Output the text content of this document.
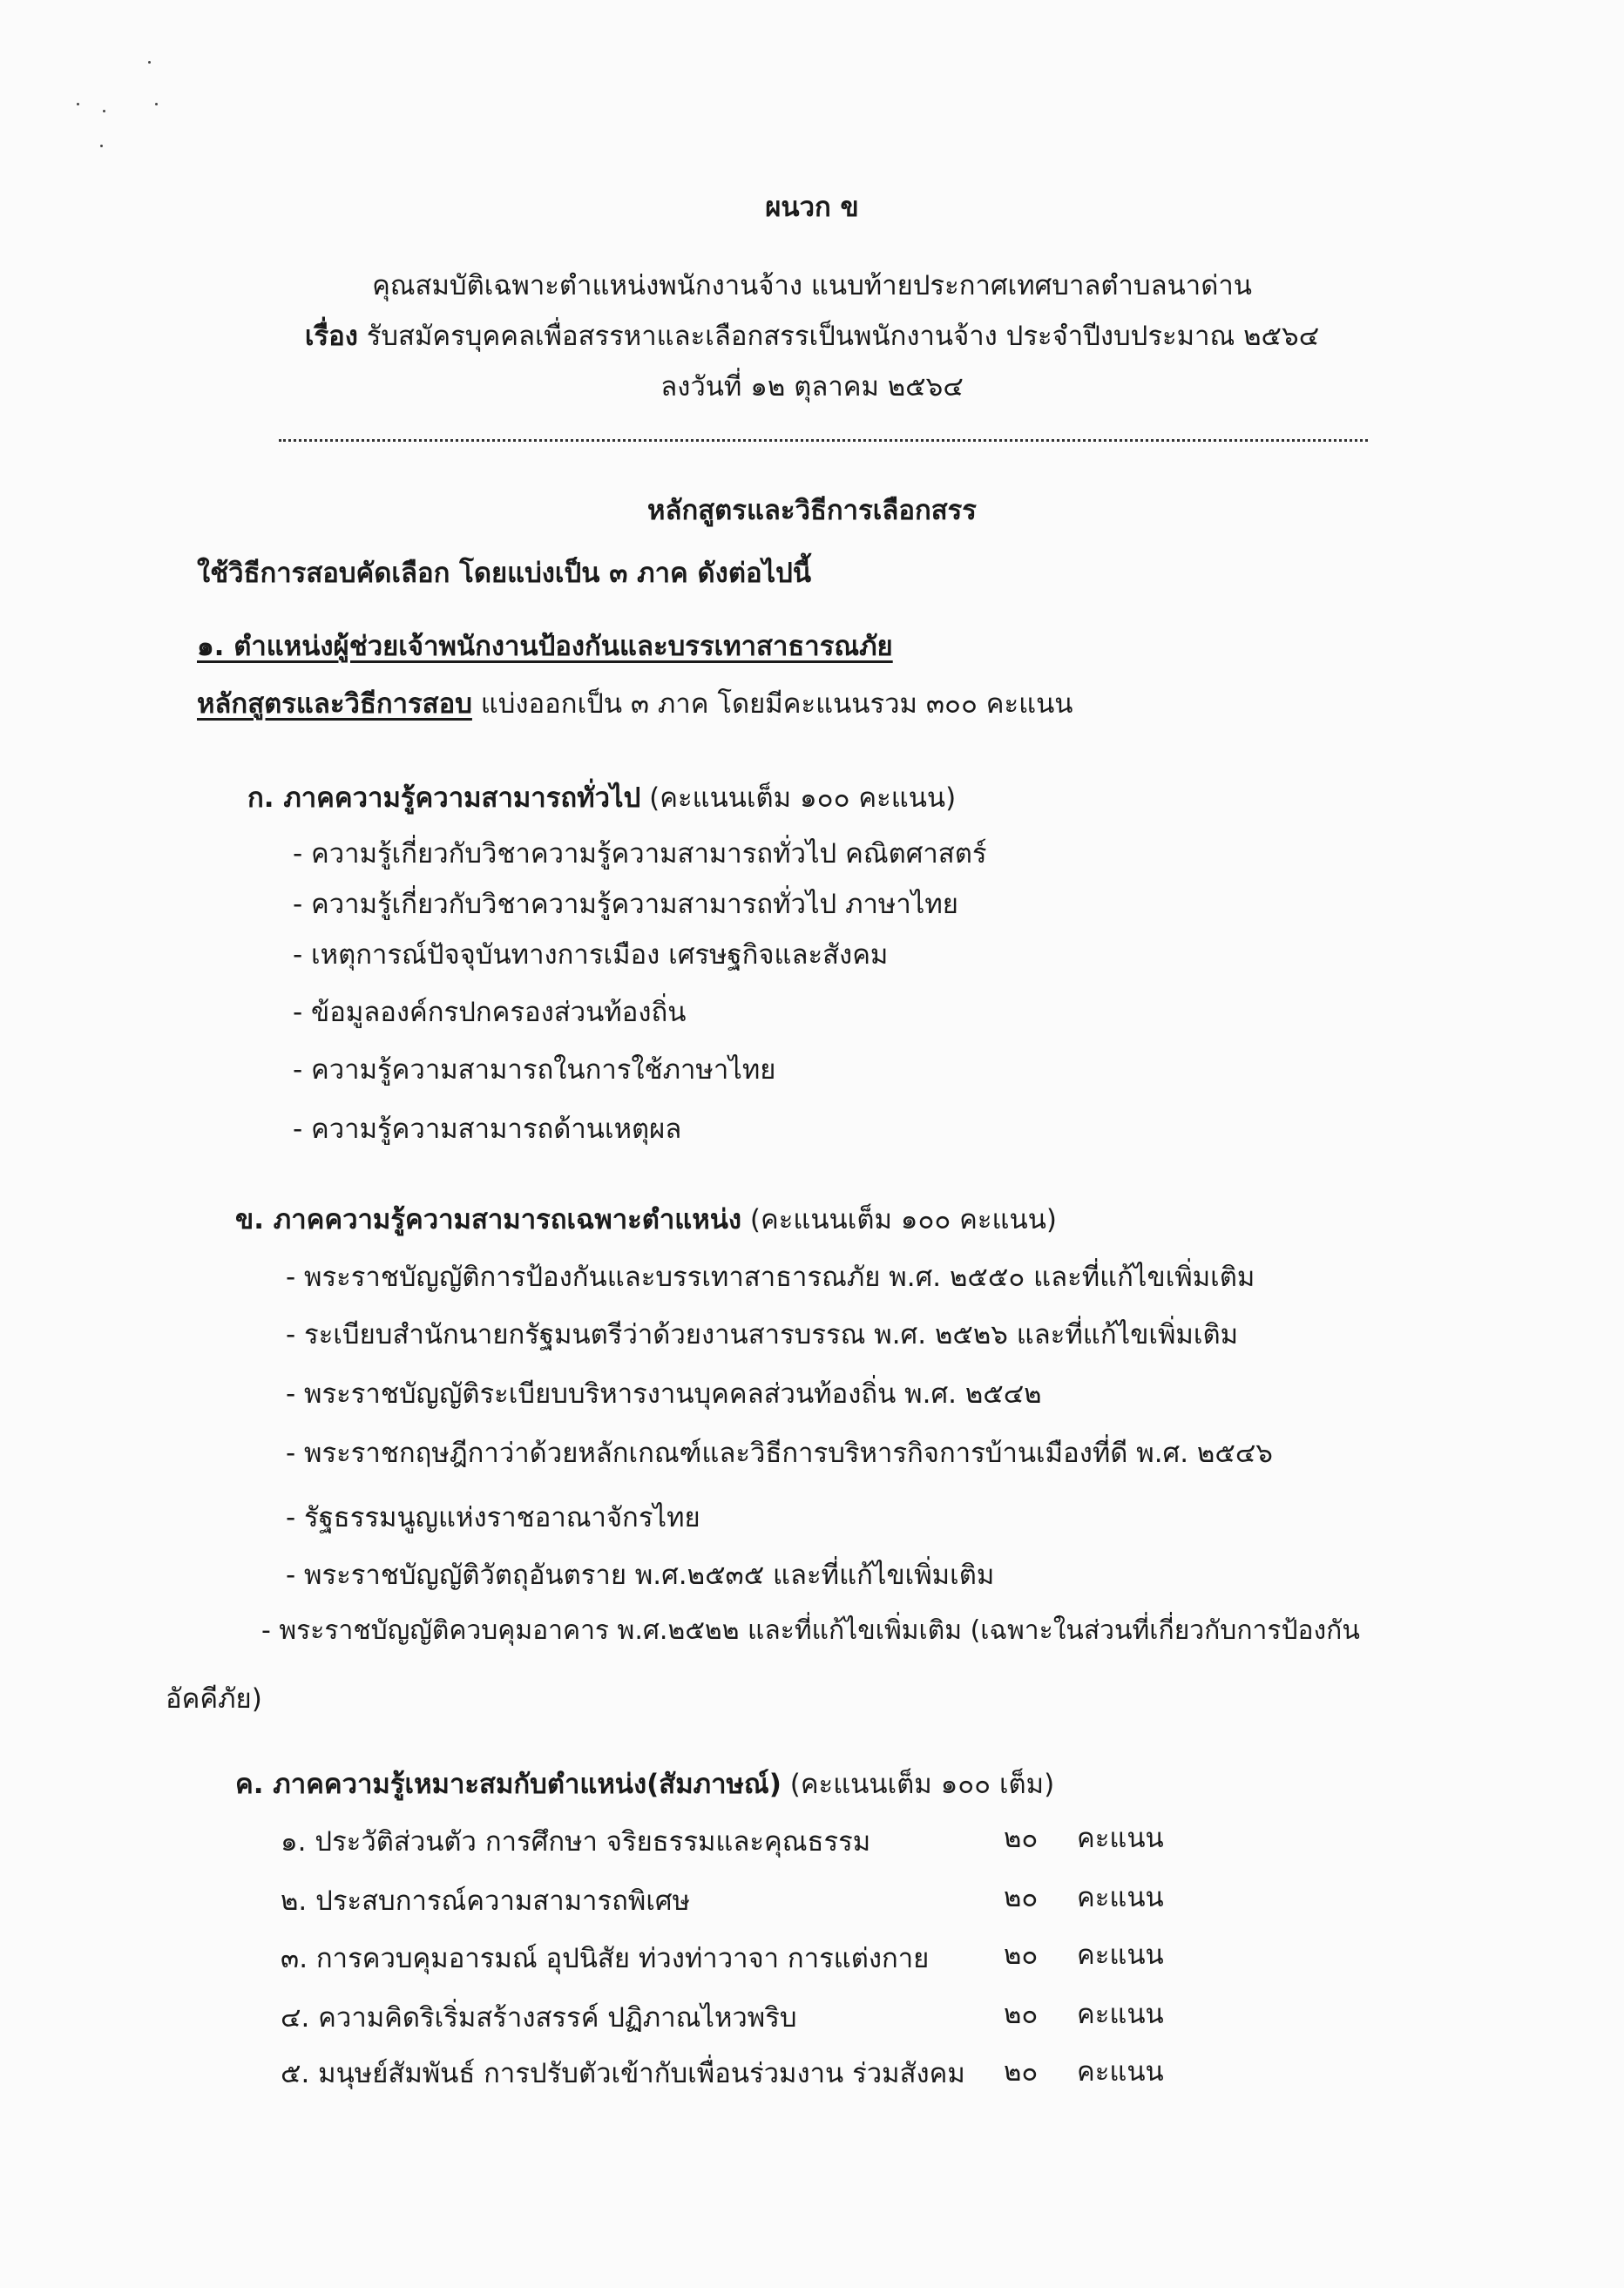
ผนวก ข
คุณสมบัติเฉพาะตำแหน่งพนักงานจ้าง แนบท้ายประกาศเทศบาลตำบลนาด่าน
เรื่อง รับสมัครบุคคลเพื่อสรรหาและเลือกสรรเป็นพนักงานจ้าง ประจำปีงบประมาณ ๒๕๖๔
ลงวันที่ ๑๒ ตุลาคม ๒๕๖๔
หลักสูตรและวิธีการเลือกสรร
ใช้วิธีการสอบคัดเลือก โดยแบ่งเป็น ๓ ภาค ดังต่อไปนี้
๑. ตำแหน่งผู้ช่วยเจ้าพนักงานป้องกันและบรรเทาสาธารณภัย
หลักสูตรและวิธีการสอบ แบ่งออกเป็น ๓ ภาค โดยมีคะแนนรวม ๓๐๐ คะแนน
ก. ภาคความรู้ความสามารถทั่วไป (คะแนนเต็ม ๑๐๐ คะแนน)
- ความรู้เกี่ยวกับวิชาความรู้ความสามารถทั่วไป คณิตศาสตร์
- ความรู้เกี่ยวกับวิชาความรู้ความสามารถทั่วไป ภาษาไทย
- เหตุการณ์ปัจจุบันทางการเมือง เศรษฐกิจและสังคม
- ข้อมูลองค์กรปกครองส่วนท้องถิ่น
- ความรู้ความสามารถในการใช้ภาษาไทย
- ความรู้ความสามารถด้านเหตุผล
ข. ภาคความรู้ความสามารถเฉพาะตำแหน่ง (คะแนนเต็ม ๑๐๐ คะแนน)
- พระราชบัญญัติการป้องกันและบรรเทาสาธารณภัย พ.ศ. ๒๕๕๐ และที่แก้ไขเพิ่มเติม
- ระเบียบสำนักนายกรัฐมนตรีว่าด้วยงานสารบรรณ พ.ศ. ๒๕๒๖ และที่แก้ไขเพิ่มเติม
- พระราชบัญญัติระเบียบบริหารงานบุคคลส่วนท้องถิ่น พ.ศ. ๒๕๔๒
- พระราชกฤษฎีกาว่าด้วยหลักเกณฑ์และวิธีการบริหารกิจการบ้านเมืองที่ดี พ.ศ. ๒๕๔๖
- รัฐธรรมนูญแห่งราชอาณาจักรไทย
- พระราชบัญญัติวัตถุอันตราย พ.ศ.๒๕๓๕ และที่แก้ไขเพิ่มเติม
- พระราชบัญญัติควบคุมอาคาร พ.ศ.๒๕๒๒ และที่แก้ไขเพิ่มเติม (เฉพาะในส่วนที่เกี่ยวกับการป้องกัน
อัคคีภัย)
ค. ภาคความรู้เหมาะสมกับตำแหน่ง(สัมภาษณ์) (คะแนนเต็ม ๑๐๐ เต็ม)
๑. ประวัติส่วนตัว การศึกษา จริยธรรมและคุณธรรม	๒๐ คะแนน
๒. ประสบการณ์ความสามารถพิเศษ	๒๐ คะแนน
๓. การควบคุมอารมณ์ อุปนิสัย ท่วงท่าวาจา การแต่งกาย	๒๐ คะแนน
๔. ความคิดริเริ่มสร้างสรรค์ ปฏิภาณไหวพริบ	๒๐ คะแนน
๕. มนุษย์สัมพันธ์ การปรับตัวเข้ากับเพื่อนร่วมงาน ร่วมสังคม ๒๐ คะแนน
